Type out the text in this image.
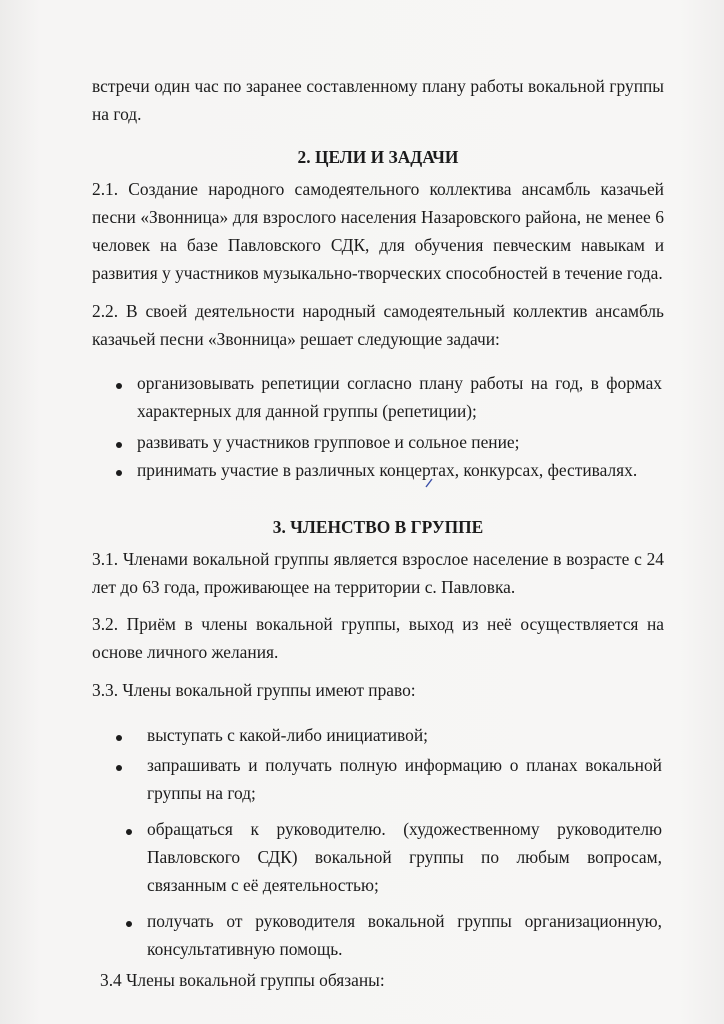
встречи один час по заранее составленному плану работы вокальной группы на год.

2. ЦЕЛИ И ЗАДАЧИ

2.1. Создание народного самодеятельного коллектива ансамбль казачьей песни «Звонница» для взрослого населения Назаровского района, не менее 6 человек на базе Павловского СДК, для обучения певческим навыкам и развития у участников музыкально-творческих способностей в течение года.

2.2. В своей деятельности народный самодеятельный коллектив ансамбль казачьей песни «Звонница» решает следующие задачи:

организовывать репетиции согласно плану работы на год, в формах характерных для данной группы (репетиции);

развивать у участников групповое и сольное пение;

принимать участие в различных концертах, конкурсах, фестивалях.

3. ЧЛЕНСТВО В ГРУППЕ

3.1. Членами вокальной группы является взрослое население в возрасте с 24 лет до 63 года, проживающее на территории с. Павловка.

3.2. Приём в члены вокальной группы, выход из неё осуществляется на основе личного желания.

3.3. Члены вокальной группы имеют право:

выступать с какой-либо инициативой;

запрашивать и получать полную информацию о планах вокальной группы на год;

обращаться к руководителю. (художественному руководителю Павловского СДК) вокальной группы по любым вопросам, связанным с её деятельностью;

получать от руководителя вокальной группы организационную, консультативную помощь.

3.4 Члены вокальной группы обязаны:
